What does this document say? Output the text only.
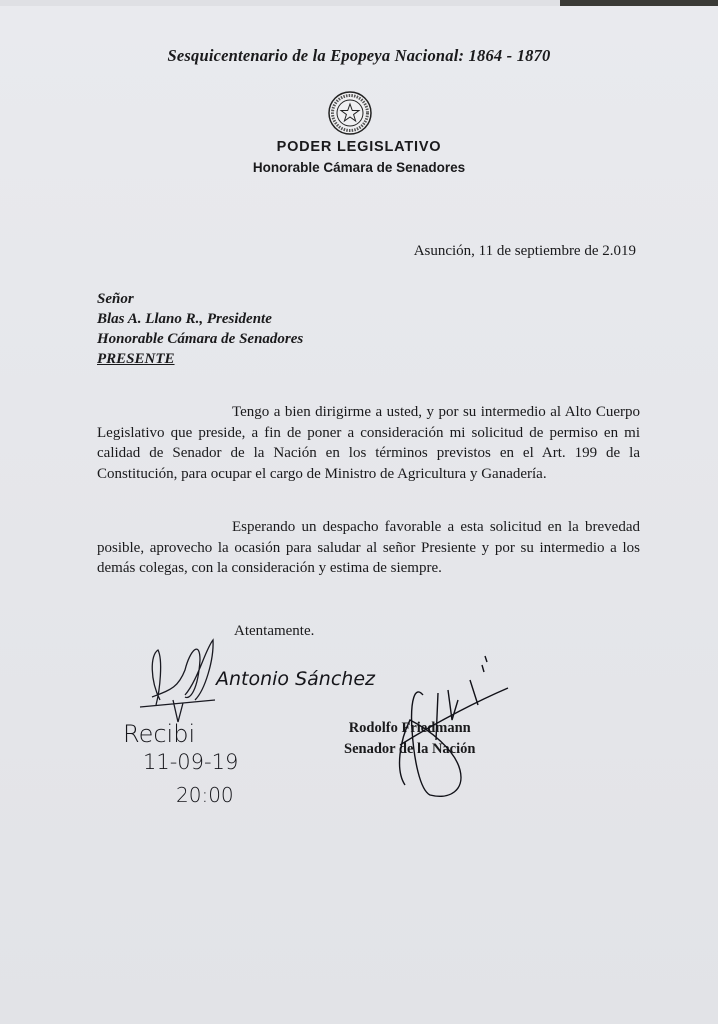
Sesquicentenario de la Epopeya Nacional: 1864 - 1870
PODER LEGISLATIVO
Honorable Cámara de Senadores
Asunción, 11 de septiembre de 2.019
Señor
Blas A. Llano R., Presidente
Honorable Cámara de Senadores
PRESENTE
Tengo a bien dirigirme a usted, y por su intermedio al Alto Cuerpo Legislativo que preside, a fin de poner a consideración mi solicitud de permiso en mi calidad de Senador de la Nación en los términos previstos en el Art. 199 de la Constitución, para ocupar el cargo de Ministro de Agricultura y Ganadería.
Esperando un despacho favorable a esta solicitud en la brevedad posible, aprovecho la ocasión para saludar al señor Presiente y por su intermedio a los demás colegas, con la consideración y estima de siempre.
Atentamente.
Antonio Sánchez
Recibi
11-09-19
20:00
Rodolfo Friedmann
Senador de la Nación
